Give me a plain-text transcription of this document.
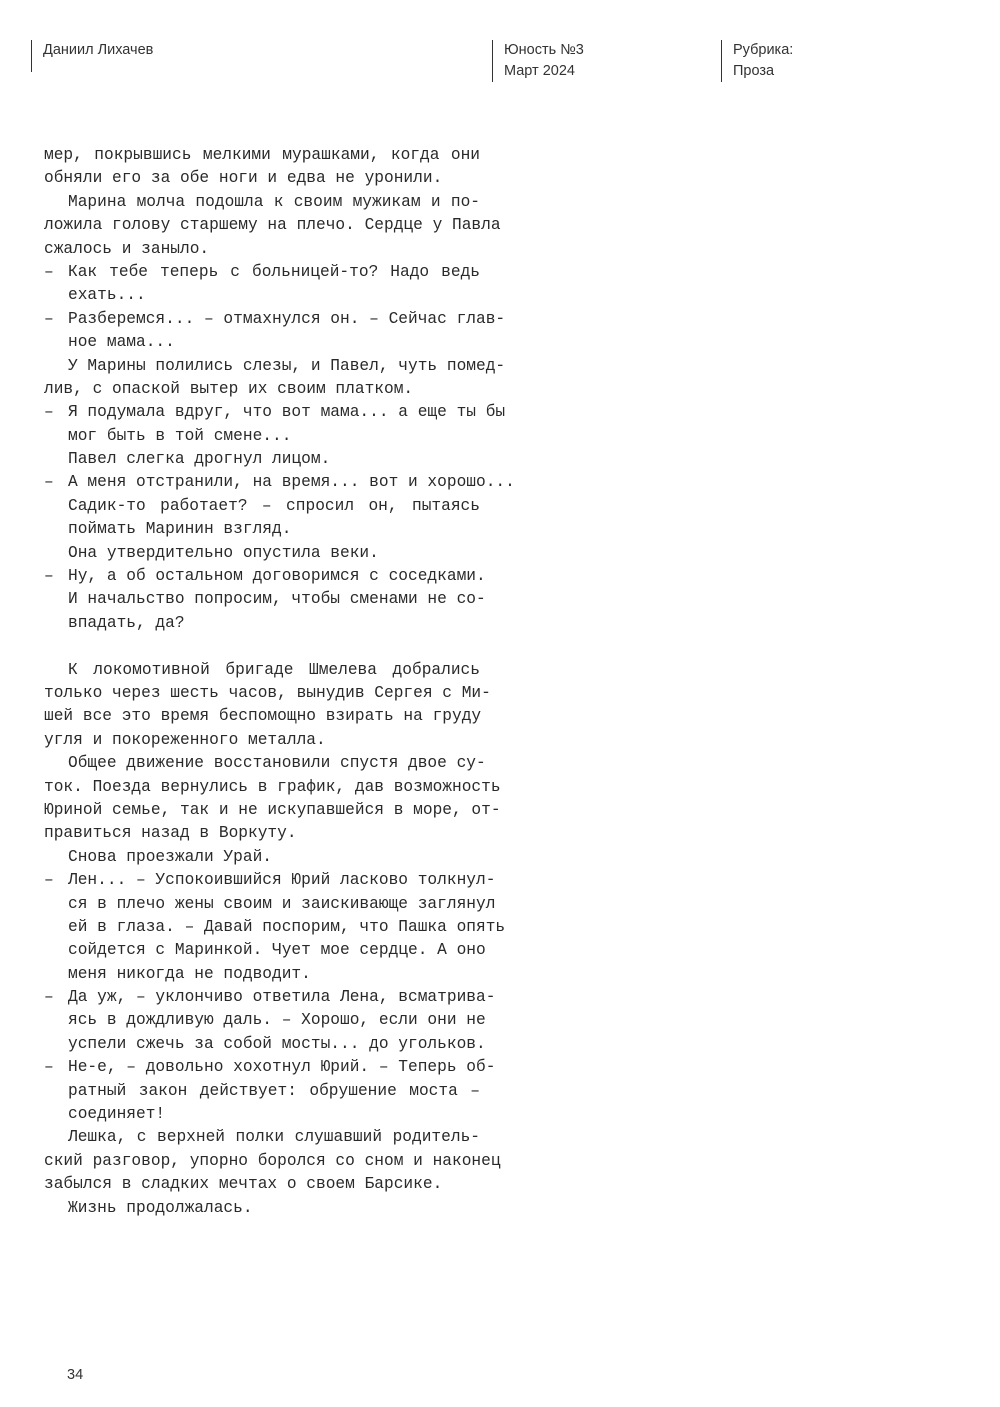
Даниил Лихачев	Юность №3
Март 2024
Рубрика:
Проза
мер, покрывшись мелкими мурашками, когда они
обняли его за обе ноги и едва не уронили.
Марина молча подошла к своим мужикам и по-
ложила голову старшему на плечо. Сердце у Павла
сжалось и заныло.
– Как тебе теперь с больницей-то? Надо ведь
ехать...
– Разберемся... – отмахнулся он. – Сейчас глав-
ное мама...
У Марины полились слезы, и Павел, чуть помед-
лив, с опаской вытер их своим платком.
– Я подумала вдруг, что вот мама... а еще ты бы
мог быть в той смене...
Павел слегка дрогнул лицом.
– А меня отстранили, на время... вот и хорошо...
Садик-то работает? – спросил он, пытаясь
поймать Маринин взгляд.
Она утвердительно опустила веки.
– Ну, а об остальном договоримся с соседками.
И начальство попросим, чтобы сменами не со-
впадать, да?
К локомотивной бригаде Шмелева добрались
только через шесть часов, вынудив Сергея с Ми-
шей все это время беспомощно взирать на груду
угля и покореженного металла.
Общее движение восстановили спустя двое су-
ток. Поезда вернулись в график, дав возможность
Юриной семье, так и не искупавшейся в море, от-
правиться назад в Воркуту.
Снова проезжали Урай.
– Лен... – Успокоившийся Юрий ласково толкнул-
ся в плечо жены своим и заискивающе заглянул
ей в глаза. – Давай поспорим, что Пашка опять
сойдется с Маринкой. Чует мое сердце. А оно
меня никогда не подводит.
– Да уж, – уклончиво ответила Лена, всматрива-
ясь в дождливую даль. – Хорошо, если они не
успели сжечь за собой мосты... до угольков.
– Не-е, – довольно хохотнул Юрий. – Теперь об-
ратный закон действует: обрушение моста –
соединяет!
Лешка, с верхней полки слушавший родитель-
ский разговор, упорно боролся со сном и наконец
забылся в сладких мечтах о своем Барсике.
Жизнь продолжалась.
34
